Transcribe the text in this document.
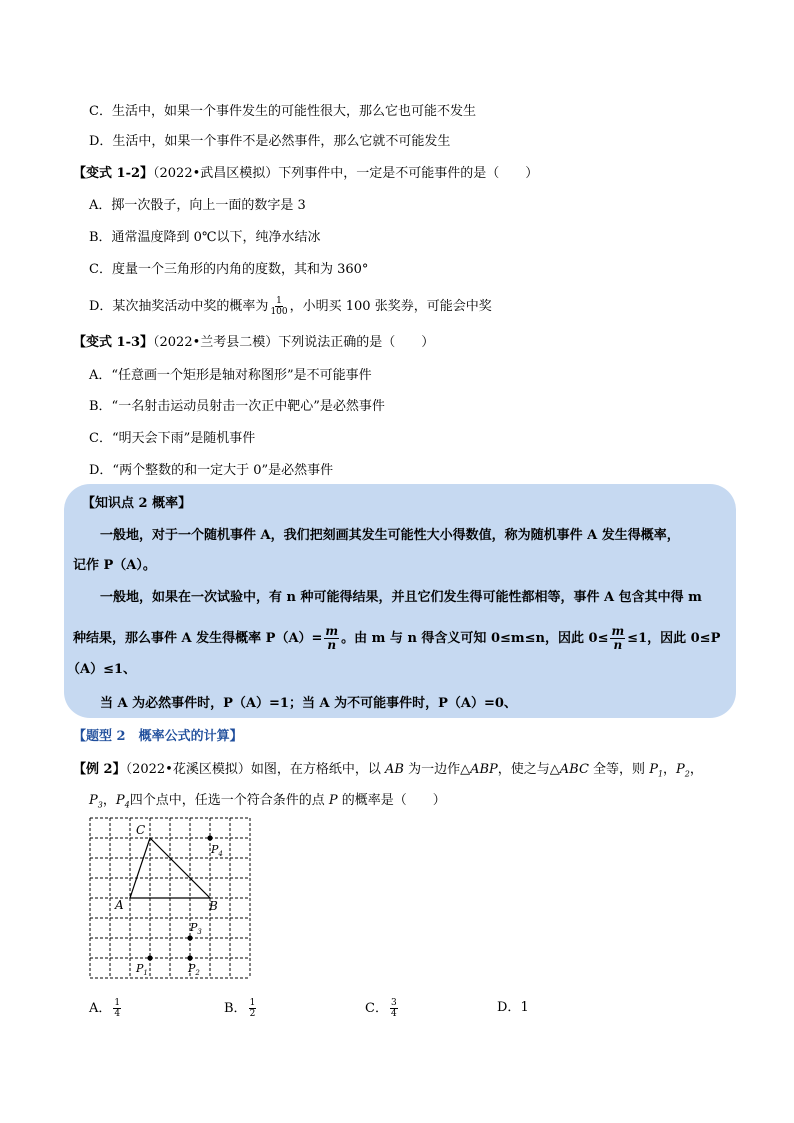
C．生活中，如果一个事件发生的可能性很大，那么它也可能不发生
D．生活中，如果一个事件不是必然事件，那么它就不可能发生
【变式 1-2】（2022•武昌区模拟）下列事件中，一定是不可能事件的是（　　）
A．掷一次骰子，向上一面的数字是 3
B．通常温度降到 0℃以下，纯净水结冰
C．度量一个三角形的内角的度数，其和为 360°
D．某次抽奖活动中奖的概率为 $\frac{1}{100}$ ，小明买 100 张奖券，可能会中奖
【变式 1-3】（2022•兰考县二模）下列说法正确的是（　　）
A．“任意画一个矩形是轴对称图形”是不可能事件
B．“一名射击运动员射击一次正中靶心”是必然事件
C．“明天会下雨”是随机事件
D．“两个整数的和一定大于 0”是必然事件
【知识点 2 概率】
一般地，对于一个随机事件 A，我们把刻画其发生可能性大小得数值，称为随机事件 A 发生得概率，
记作 P（A）。
一般地，如果在一次试验中，有 n 种可能得结果，并且它们发生得可能性都相等，事件 A 包含其中得 m
种结果，那么事件 A 发生得概率 $P(A)= \frac{m}{n}$ 。由 m 与 n 得含义可知 0≤m≤n，因此 $0\le \frac{m}{n} \le 1$，因此 0≤P
（A）≤1、
当 A 为必然事件时，P（A）=1；当 A 为不可能事件时，P（A）=0、
【题型 2　概率公式的计算】
【例 2】（2022•花溪区模拟）如图，在方格纸中，以 AB 为一边作△ABP，使之与△ABC 全等，则 $P_1$，$P_2$，
$P_3$，$P_4$四个点中，任选一个符合条件的点 P 的概率是（　　）
A	B
C
$P_4$
$P_3$
$P_1$	$P_2$
A． $\frac{1}{4}$	B． $\frac{1}{2}$	C． $\frac{3}{4}$	D．1
